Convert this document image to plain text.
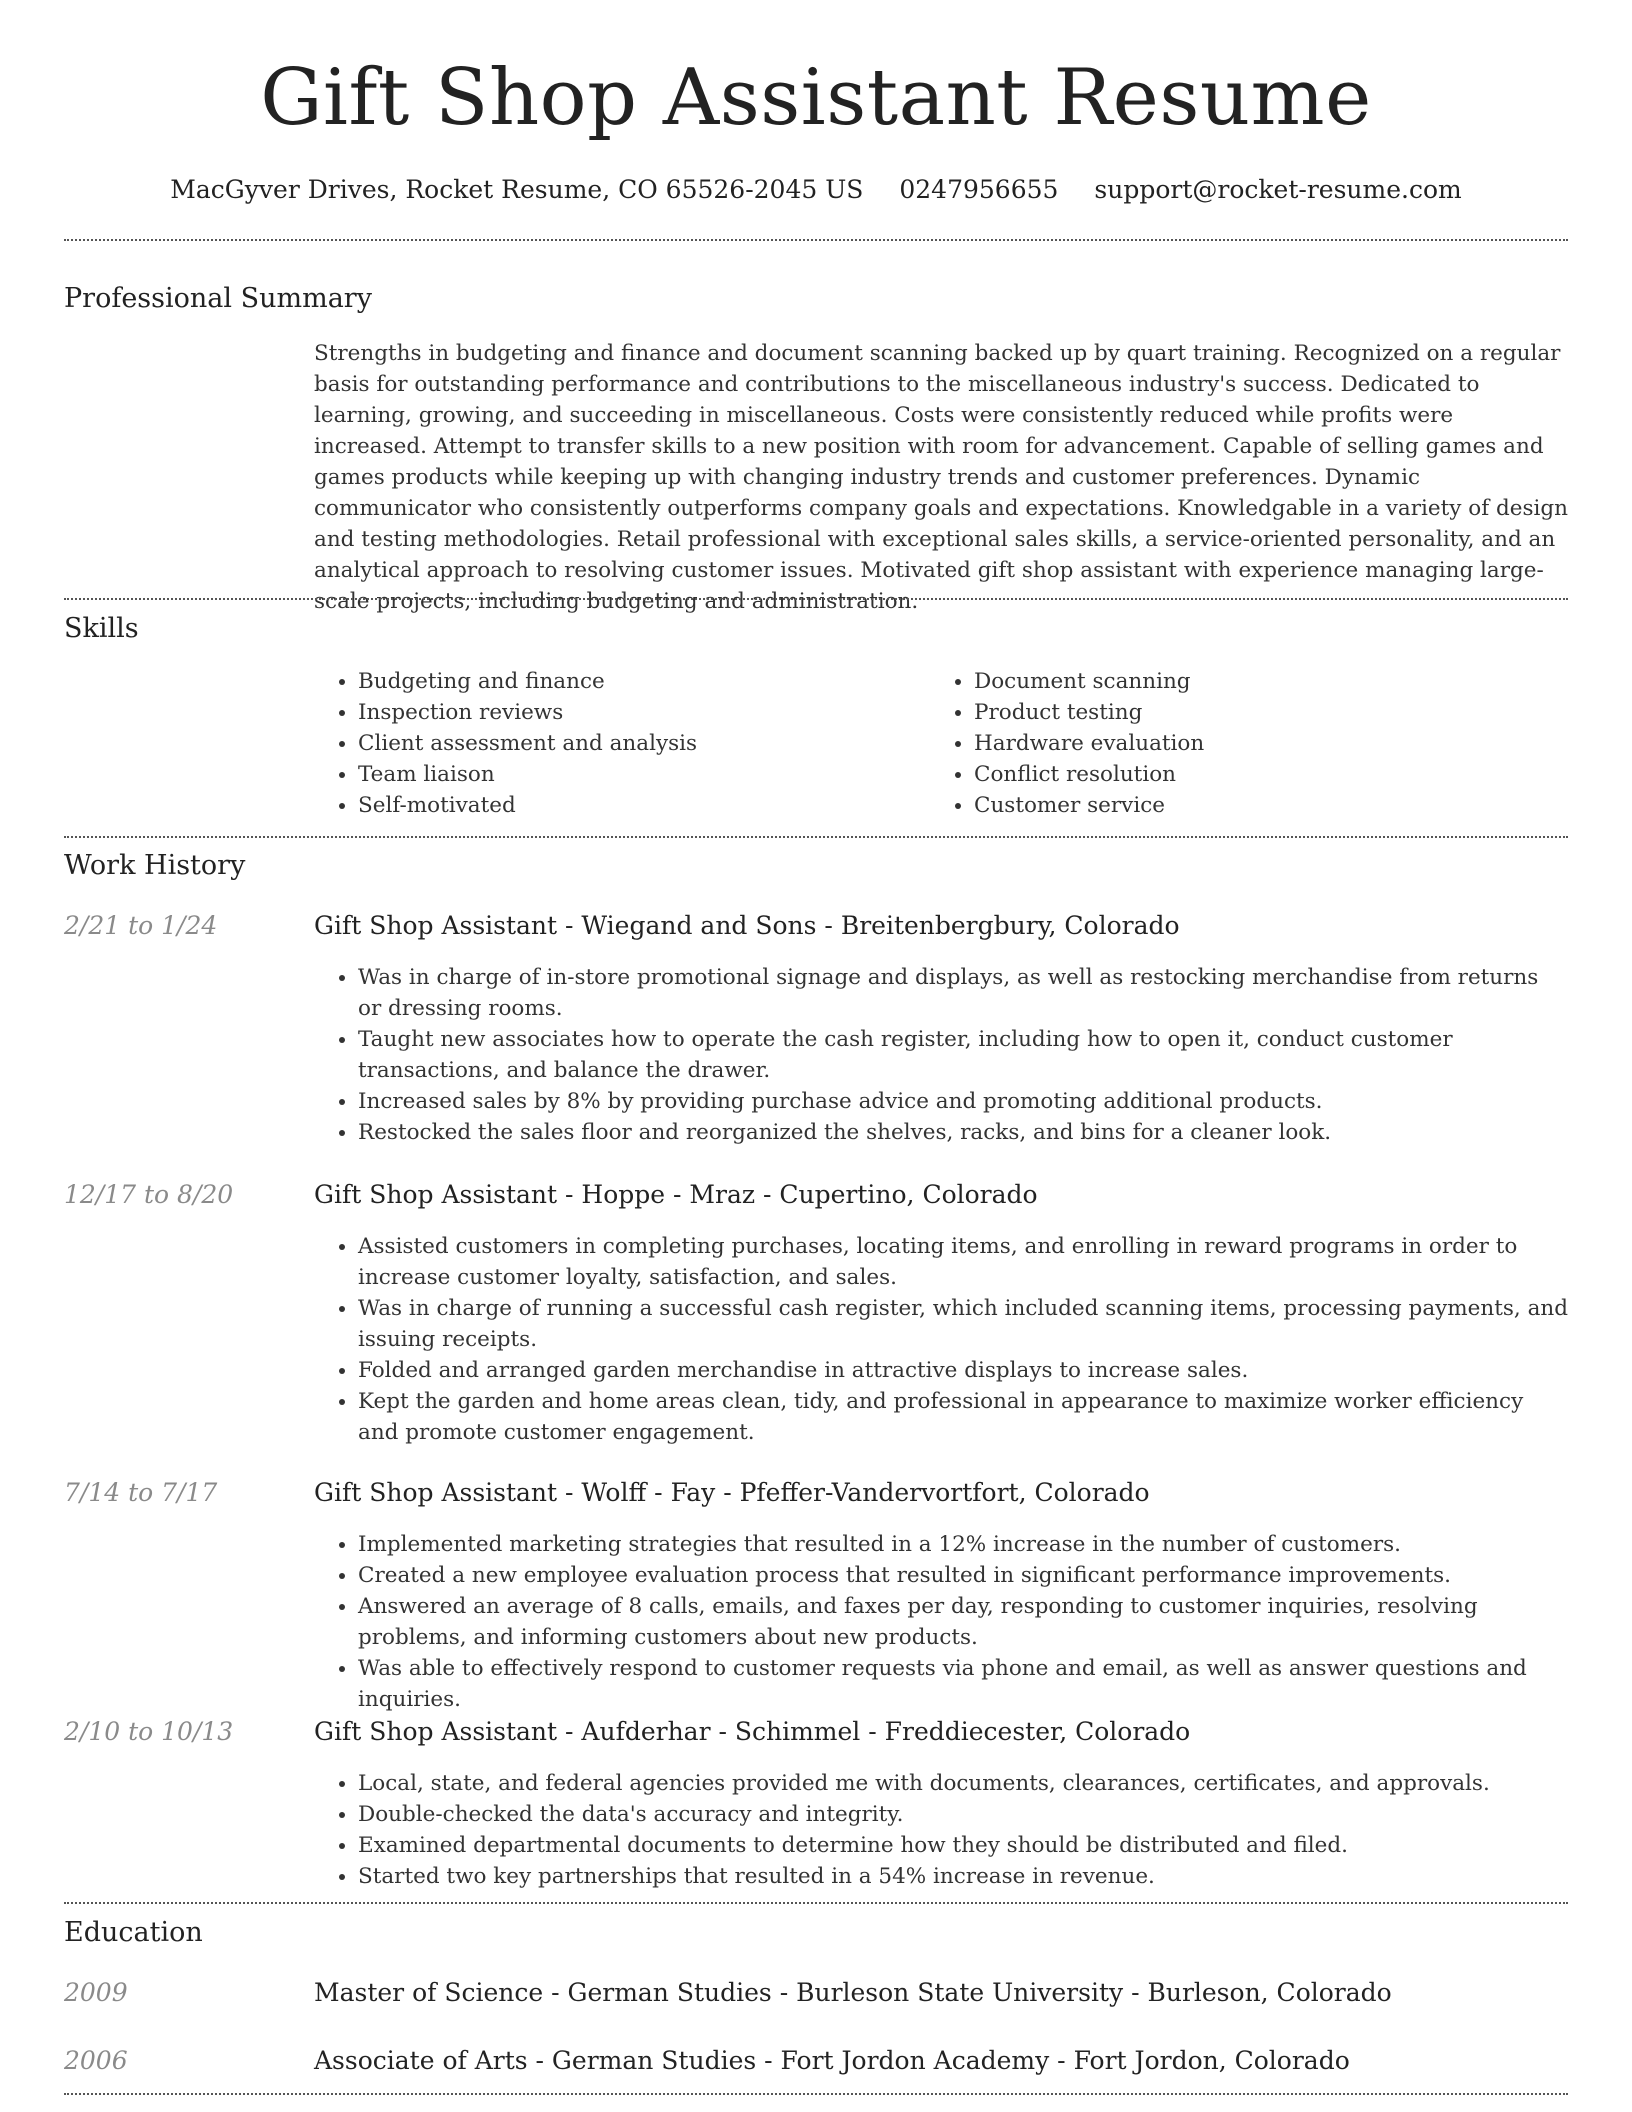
Gift Shop Assistant Resume
MacGyver Drives, Rocket Resume, CO 65526-2045 US 0247956655 support@rocket-resume.com
Professional Summary

Strengths in budgeting and finance and document scanning backed up by quart training. Recognized on a regular basis for outstanding performance and contributions to the miscellaneous industry's success. Dedicated to learning, growing, and succeeding in miscellaneous. Costs were consistently reduced while profits were increased. Attempt to transfer skills to a new position with room for advancement. Capable of selling games and games products while keeping up with changing industry trends and customer preferences. Dynamic communicator who consistently outperforms company goals and expectations. Knowledgable in a variety of design and testing methodologies. Retail professional with exceptional sales skills, a service-oriented personality, and an analytical approach to resolving customer issues. Motivated gift shop assistant with experience managing large-scale projects, including budgeting and administration.

Skills
• Budgeting and finance
• Inspection reviews
• Client assessment and analysis
• Team liaison
• Self-motivated
• Document scanning
• Product testing
• Hardware evaluation
• Conflict resolution
• Customer service
Work History
2/21 to 1/24	Gift Shop Assistant - Wiegand and Sons - Breitenbergbury, Colorado
• Was in charge of in-store promotional signage and displays, as well as restocking merchandise from returns or dressing rooms.
• Taught new associates how to operate the cash register, including how to open it, conduct customer transactions, and balance the drawer.
• Increased sales by 8% by providing purchase advice and promoting additional products.
• Restocked the sales floor and reorganized the shelves, racks, and bins for a cleaner look.
12/17 to 8/20	Gift Shop Assistant - Hoppe - Mraz - Cupertino, Colorado
• Assisted customers in completing purchases, locating items, and enrolling in reward programs in order to increase customer loyalty, satisfaction, and sales.
• Was in charge of running a successful cash register, which included scanning items, processing payments, and issuing receipts.
• Folded and arranged garden merchandise in attractive displays to increase sales.
• Kept the garden and home areas clean, tidy, and professional in appearance to maximize worker efficiency and promote customer engagement.
7/14 to 7/17	Gift Shop Assistant - Wolff - Fay - Pfeffer-Vandervortfort, Colorado
• Implemented marketing strategies that resulted in a 12% increase in the number of customers.
• Created a new employee evaluation process that resulted in significant performance improvements.
• Answered an average of 8 calls, emails, and faxes per day, responding to customer inquiries, resolving problems, and informing customers about new products.
• Was able to effectively respond to customer requests via phone and email, as well as answer questions and inquiries.
2/10 to 10/13	Gift Shop Assistant - Aufderhar - Schimmel - Freddiecester, Colorado
• Local, state, and federal agencies provided me with documents, clearances, certificates, and approvals.
• Double-checked the data's accuracy and integrity.
• Examined departmental documents to determine how they should be distributed and filed.
• Started two key partnerships that resulted in a 54% increase in revenue.
Education
2009	Master of Science - German Studies - Burleson State University - Burleson, Colorado
2006	Associate of Arts - German Studies - Fort Jordon Academy - Fort Jordon, Colorado
